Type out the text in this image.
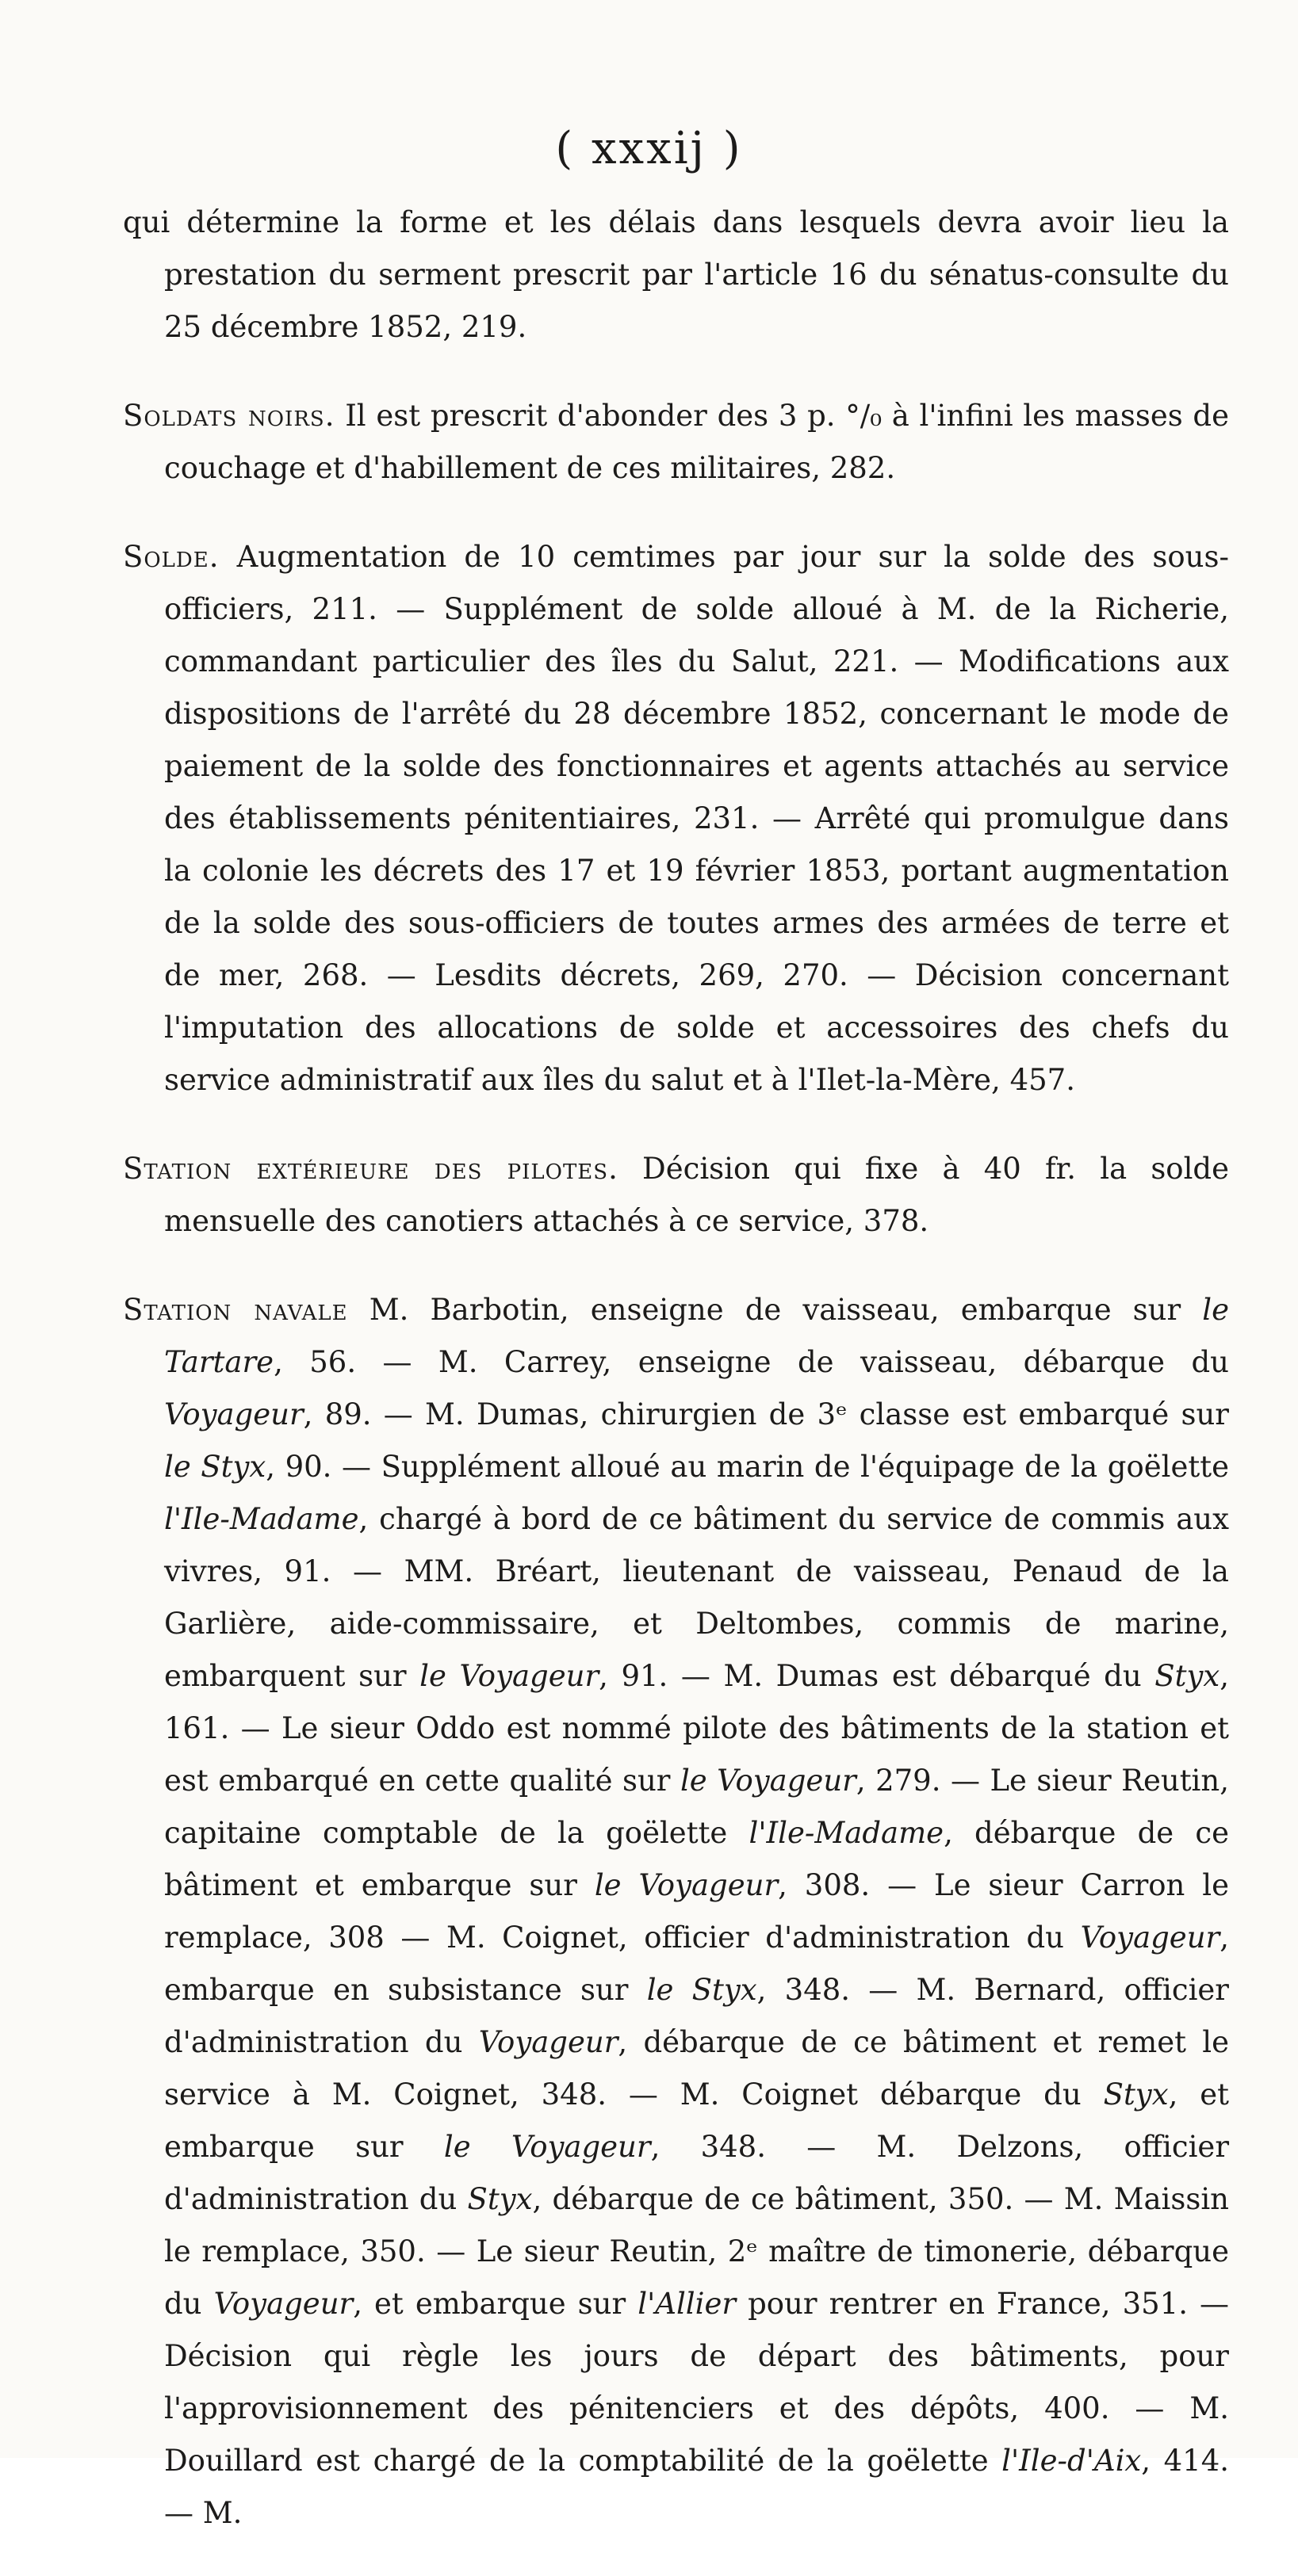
( xxxij )

qui détermine la forme et les délais dans lesquels devra avoir lieu la prestation du serment prescrit par l'article 16 du sénatus-consulte du 25 décembre 1852, 219.

Soldats noirs. Il est prescrit d'abonder des 3 p. °/₀ à l'infini les masses de couchage et d'habillement de ces militaires, 282.

Solde. Augmentation de 10 cemtimes par jour sur la solde des sous-officiers, 211. — Supplément de solde alloué à M. de la Richerie, commandant particulier des îles du Salut, 221. — Modifications aux dispositions de l'arrêté du 28 décembre 1852, concernant le mode de paiement de la solde des fonctionnaires et agents attachés au service des établissements pénitentiaires, 231. — Arrêté qui promulgue dans la colonie les décrets des 17 et 19 février 1853, portant augmentation de la solde des sous-officiers de toutes armes des armées de terre et de mer, 268. — Lesdits décrets, 269, 270. — Décision concernant l'imputation des allocations de solde et accessoires des chefs du service administratif aux îles du salut et à l'Ilet-la-Mère, 457.

Station extérieure des pilotes. Décision qui fixe à 40 fr. la solde mensuelle des canotiers attachés à ce service, 378.

Station navale M. Barbotin, enseigne de vaisseau, embarque sur le Tartare, 56. — M. Carrey, enseigne de vaisseau, débarque du Voyageur, 89. — M. Dumas, chirurgien de 3ᵉ classe est embarqué sur le Styx, 90. — Supplément alloué au marin de l'équipage de la goëlette l'Ile-Madame, chargé à bord de ce bâtiment du service de commis aux vivres, 91. — MM. Bréart, lieutenant de vaisseau, Penaud de la Garlière, aide-commissaire, et Deltombes, commis de marine, embarquent sur le Voyageur, 91. — M. Dumas est débarqué du Styx, 161. — Le sieur Oddo est nommé pilote des bâtiments de la station et est embarqué en cette qualité sur le Voyageur, 279. — Le sieur Reutin, capitaine comptable de la goëlette l'Ile-Madame, débarque de ce bâtiment et embarque sur le Voyageur, 308. — Le sieur Carron le remplace, 308 — M. Coignet, officier d'administration du Voyageur, embarque en subsistance sur le Styx, 348. — M. Bernard, officier d'administration du Voyageur, débarque de ce bâtiment et remet le service à M. Coignet, 348. — M. Coignet débarque du Styx, et embarque sur le Voyageur, 348. — M. Delzons, officier d'administration du Styx, débarque de ce bâtiment, 350. — M. Maissin le remplace, 350. — Le sieur Reutin, 2ᵉ maître de timonerie, débarque du Voyageur, et embarque sur l'Allier pour rentrer en France, 351. — Décision qui règle les jours de départ des bâtiments, pour l'approvisionnement des pénitenciers et des dépôts, 400. — M. Douillard est chargé de la comptabilité de la goëlette l'Ile-d'Aix, 414. — M.
